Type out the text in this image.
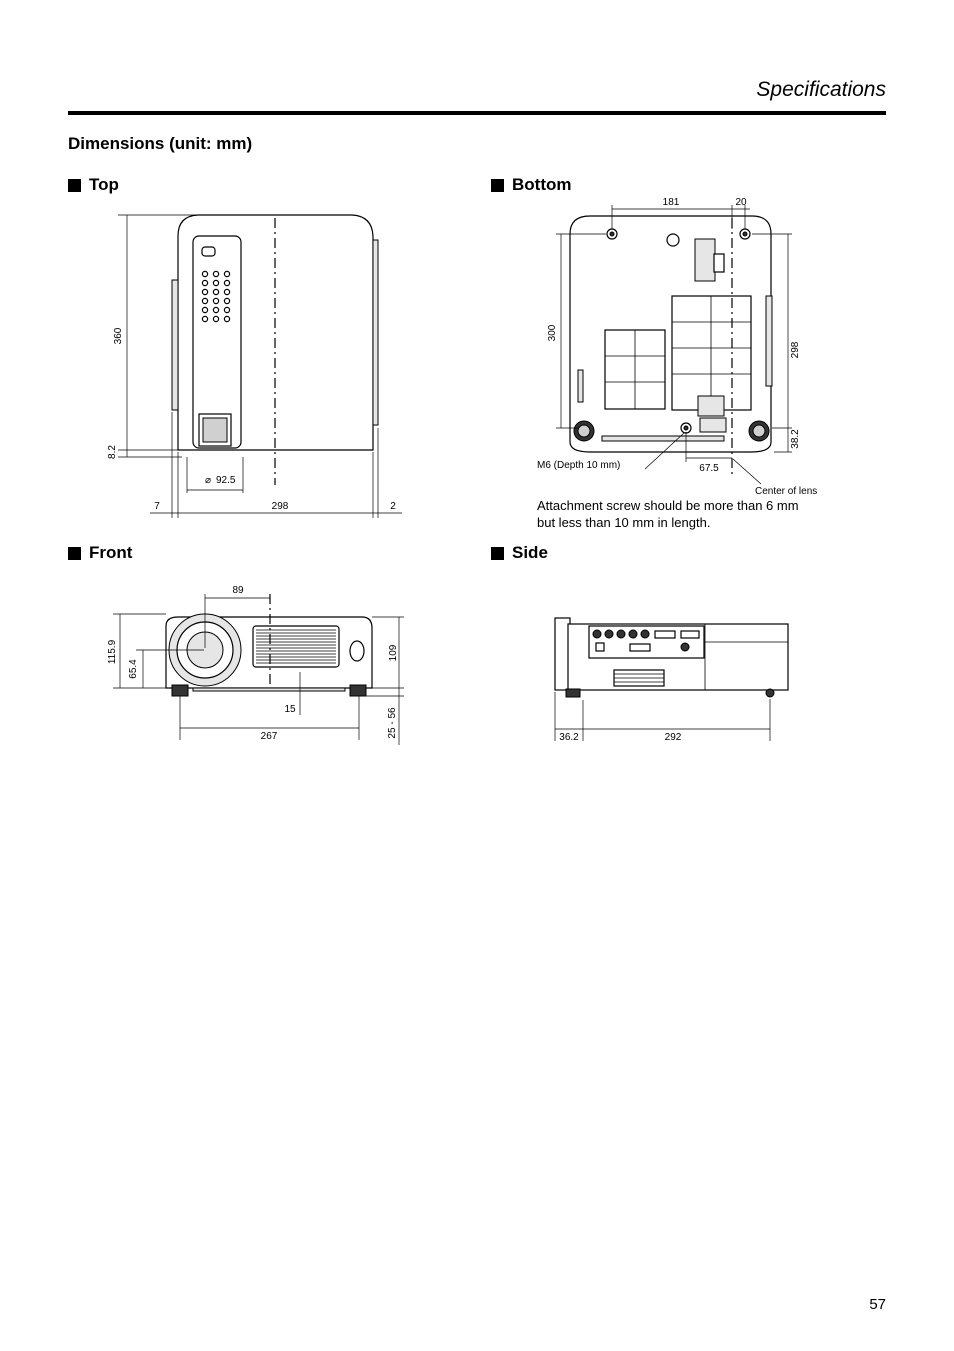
Specifications
Dimensions (unit: mm)
Top	Bottom
Front	Side
360
8.2
⌀ 92.5
7	298	2
181	20
300
298
38.2
67.5
M6 (Depth 10 mm)
Center of lens
89
115.9
65.4
109
15
267	25 - 56	36.2	292
Attachment screw should be more than 6 mm
but less than 10 mm in length.
57
